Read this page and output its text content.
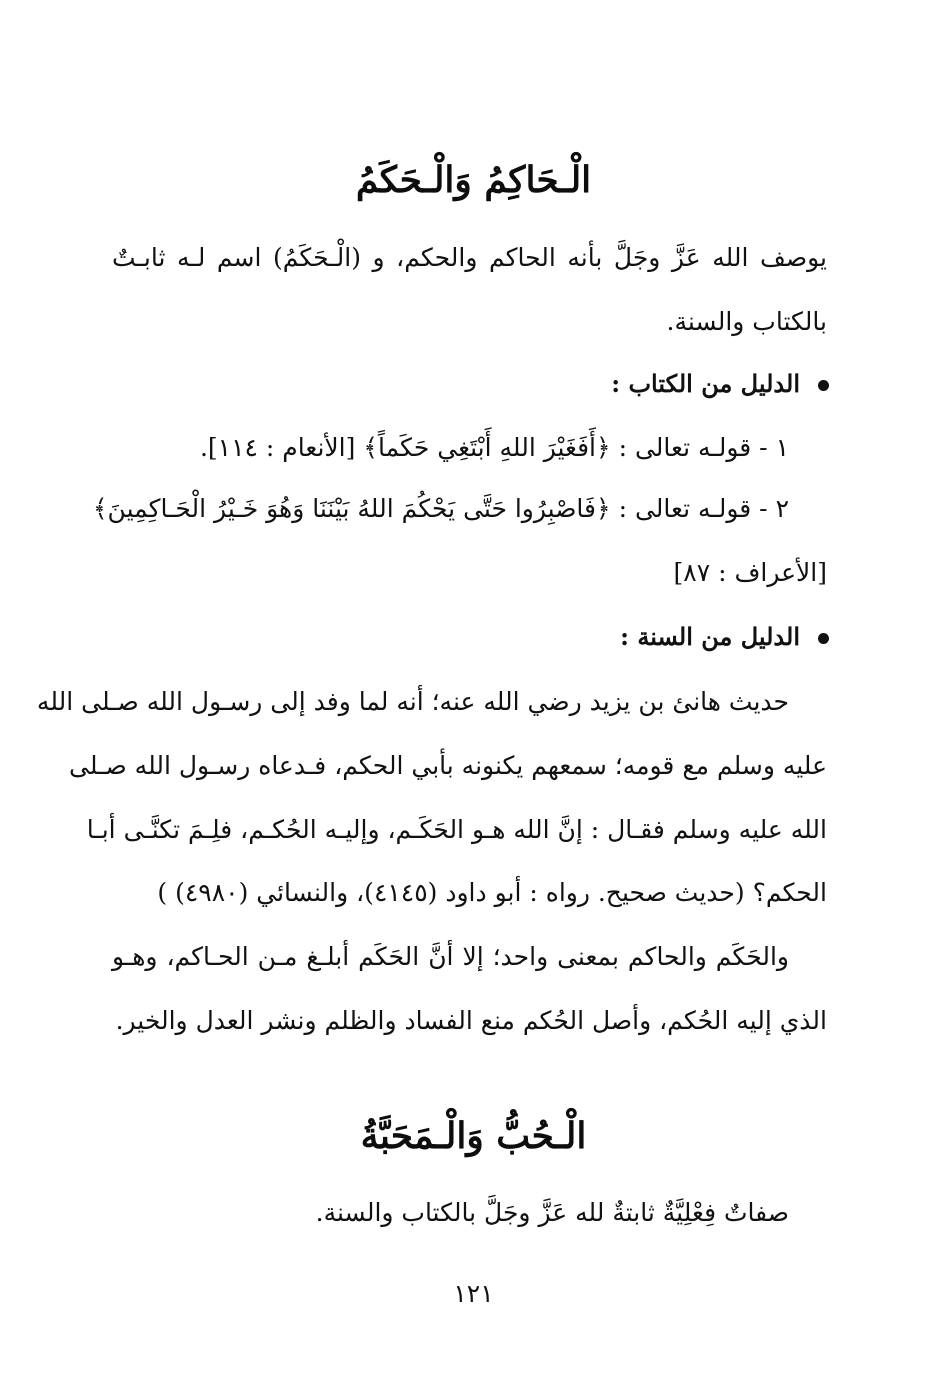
الْـحَاكِمُ وَالْـحَكَمُ
يوصف الله عَزَّ وجَلَّ بأنه الحاكم والحكم، و (الْـحَكَمُ) اسم لـه ثابـتٌ
بالكتاب والسنة.
الدليل من الكتاب :
١ - قولـه تعالى : ﴿أَفَغَيْرَ اللهِ أَبْتَغِي حَكَماً﴾ [الأنعام : ١١٤].
٢ - قولـه تعالى : ﴿فَاصْبِرُوا حَتَّى يَحْكُمَ اللهُ بَيْنَنَا وَهُوَ خَـيْرُ الْحَـاكِمِينَ﴾
[الأعراف : ٨٧]
الدليل من السنة :
حديث هانئ بن يزيد رضي الله عنه؛ أنه لما وفد إلى رسـول الله صـلى الله
عليه وسلم مع قومه؛ سمعهم يكنونه بأبي الحكم، فـدعاه رسـول الله صـلى
الله عليه وسلم فقـال : إنَّ الله هـو الحَكَـم، وإليـه الحُكـم، فلِـمَ تكنَّـى أبـا
الحكم؟ (حديث صحيح. رواه : أبو داود (٤١٤٥)، والنسائي (٤٩٨٠) )
والحَكَم والحاكم بمعنى واحد؛ إلا أنَّ الحَكَم أبلـغ مـن الحـاكم، وهـو
الذي إليه الحُكم، وأصل الحُكم منع الفساد والظلم ونشر العدل والخير.
الْـحُبُّ وَالْـمَحَبَّةُ
صفاتٌ فِعْلِيَّةٌ ثابتةٌ لله عَزَّ وجَلَّ بالكتاب والسنة.
١٢١
